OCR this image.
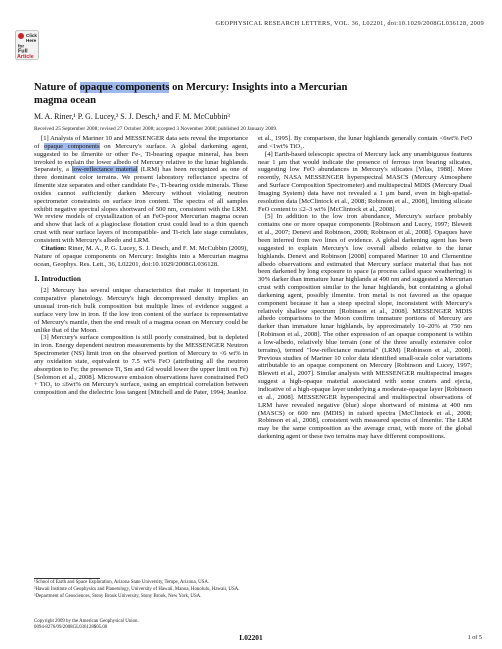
GEOPHYSICAL RESEARCH LETTERS, VOL. 36, L02201, doi:10.1029/2008GL036128, 2009
Click
Here
for
Full
Article
Nature of opaque components on Mercury: Insights into a Mercurian
magma ocean
M. A. Riner,¹ P. G. Lucey,² S. J. Desch,¹ and F. M. McCubbin³
Received 25 September 2008; revised 27 October 2008; accepted 3 November 2008; published 20 January 2009.

[1] Analysis of Mariner 10 and MESSENGER data sets reveal the importance of opaque components on Mercury's surface. A global darkening agent, suggested to be ilmenite or other Fe-, Ti-bearing opaque mineral, has been invoked to explain the lower albedo of Mercury relative to the lunar highlands. Separately, a low-reflectance material (LRM) has been recognized as one of three dominant color terrains. We present laboratory reflectance spectra of ilmenite size separates and other candidate Fe-, Ti-bearing oxide minerals. These oxides cannot sufficiently darken Mercury without violating neutron spectrometer constraints on surface iron content. The spectra of all samples exhibit negative spectral slopes shortward of 500 nm, consistent with the LRM. We review models of crystallization of an FeO-poor Mercurian magma ocean and show that lack of a plagioclase flotation crust could lead to a thin quench crust with near surface layers of incompatible- and Ti-rich late stage cumulates, consistent with Mercury's albedo and LRM.

Citation: Riner, M. A., P. G. Lucey, S. J. Desch, and F. M. McCubbin (2009), Nature of opaque components on Mercury: Insights into a Mercurian magma ocean, Geophys. Res. Lett., 36, L02201, doi:10.1029/2008GL036128.

1. Introduction

[2] Mercury has several unique characteristics that make it important in comparative planetology. Mercury's high decompressed density implies an unusual iron-rich bulk composition but multiple lines of evidence suggest a surface very low in iron. If the low iron content of the surface is representative of Mercury's mantle, then the end result of a magma ocean on Mercury could be unlike that of the Moon.

[3] Mercury's surface composition is still poorly constrained, but is depleted in iron. Energy dependent neutron measurements by the MESSENGER Neutron Spectrometer (NS) limit iron on the observed portion of Mercury to <6 wt% in any oxidation state, equivalent to 7.5 wt% FeO (attributing all the neutron absorption to Fe; the presence Ti, Sm and Gd would lower the upper limit on Fe) [Solomon et al., 2008]. Microwave emission observations have constrained FeO + TiO₂ to ≤6wt% on Mercury's surface, using an empirical correlation between composition and the dielectric loss tangent [Mitchell and de Pater, 1994; Jeanloz

et al., 1995]. By comparison, the lunar highlands generally contain <6wt% FeO and <1wt% TiO₂.

[4] Earth-based telescopic spectra of Mercury lack any unambiguous features near 1 μm that would indicate the presence of ferrous iron bearing silicates, suggesting low FeO abundances in Mercury's silicates [Vilas, 1988]. More recently, NASA MESSENGER hyperspectral MASCS (Mercury Atmosphere and Surface Composition Spectrometer) and multispectral MDIS (Mercury Dual Imaging System) data have not revealed a 1 μm band, even in high-spatial-resolution data [McClintock et al., 2008; Robinson et al., 2008], limiting silicate FeO content to ≤2–3 wt% [McClintock et al., 2008].

[5] In addition to the low iron abundance, Mercury's surface probably contains one or more opaque components [Robinson and Lucey, 1997; Blewett et al., 2007; Denevi and Robinson, 2008; Robinson et al., 2008]. Opaques have been inferred from two lines of evidence. A global darkening agent has been suggested to explain Mercury's low overall albedo relative to the lunar highlands. Denevi and Robinson [2008] compared Mariner 10 and Clementine albedo observations and estimated that Mercury surface material that has not been darkened by long exposure to space (a process called space weathering) is 30% darker than immature lunar highlands at 490 nm and suggested a Mercurian crust with composition similar to the lunar highlands, but containing a global darkening agent, possibly ilmenite. Iron metal is not favored as the opaque component because it has a steep spectral slope, inconsistent with Mercury's relatively shallow spectrum [Robinson et al., 2008]. MESSENGER MDIS albedo comparisons to the Moon confirm immature portions of Mercury are darker than immature lunar highlands, by approximately 10–20% at 750 nm [Robinson et al., 2008]. The other expression of an opaque component is within a low-albedo, relatively blue terrain (one of the three areally extensive color terrains), termed "low-reflectance material" (LRM) [Robinson et al., 2008]. Previous studies of Mariner 10 color data identified small-scale color variations attributable to an opaque component on Mercury [Robinson and Lucey, 1997; Blewett et al., 2007]. Similar analysis with MESSENGER multispectral images suggest a high-opaque material associated with some craters and ejecta, indicative of a high-opaque layer underlying a moderate-opaque layer [Robinson et al., 2008]. MESSENGER hyperspectral and multispectral observations of LRM have revealed negative (blue) slope shortward of minima at 400 nm (MASCS) or 600 nm (MDIS) in raised spectra [McClintock et al., 2008; Robinson et al., 2008], consistent with measured spectra of ilmenite. The LRM may be the same composition as the average crust, with more of the global darkening agent or these two terrains may have different compositions.

¹School of Earth and Space Exploration, Arizona State University, Tempe, Arizona, USA.

²Hawaii Institute of Geophysics and Planetology, University of Hawaii, Manoa, Honolulu, Hawaii, USA.

³Department of Geosciences, Stony Brook University, Stony Brook, New York, USA.

Copyright 2009 by the American Geophysical Union.
0094-8276/09/2008GL036128$05.00
L02201	1 of 5
